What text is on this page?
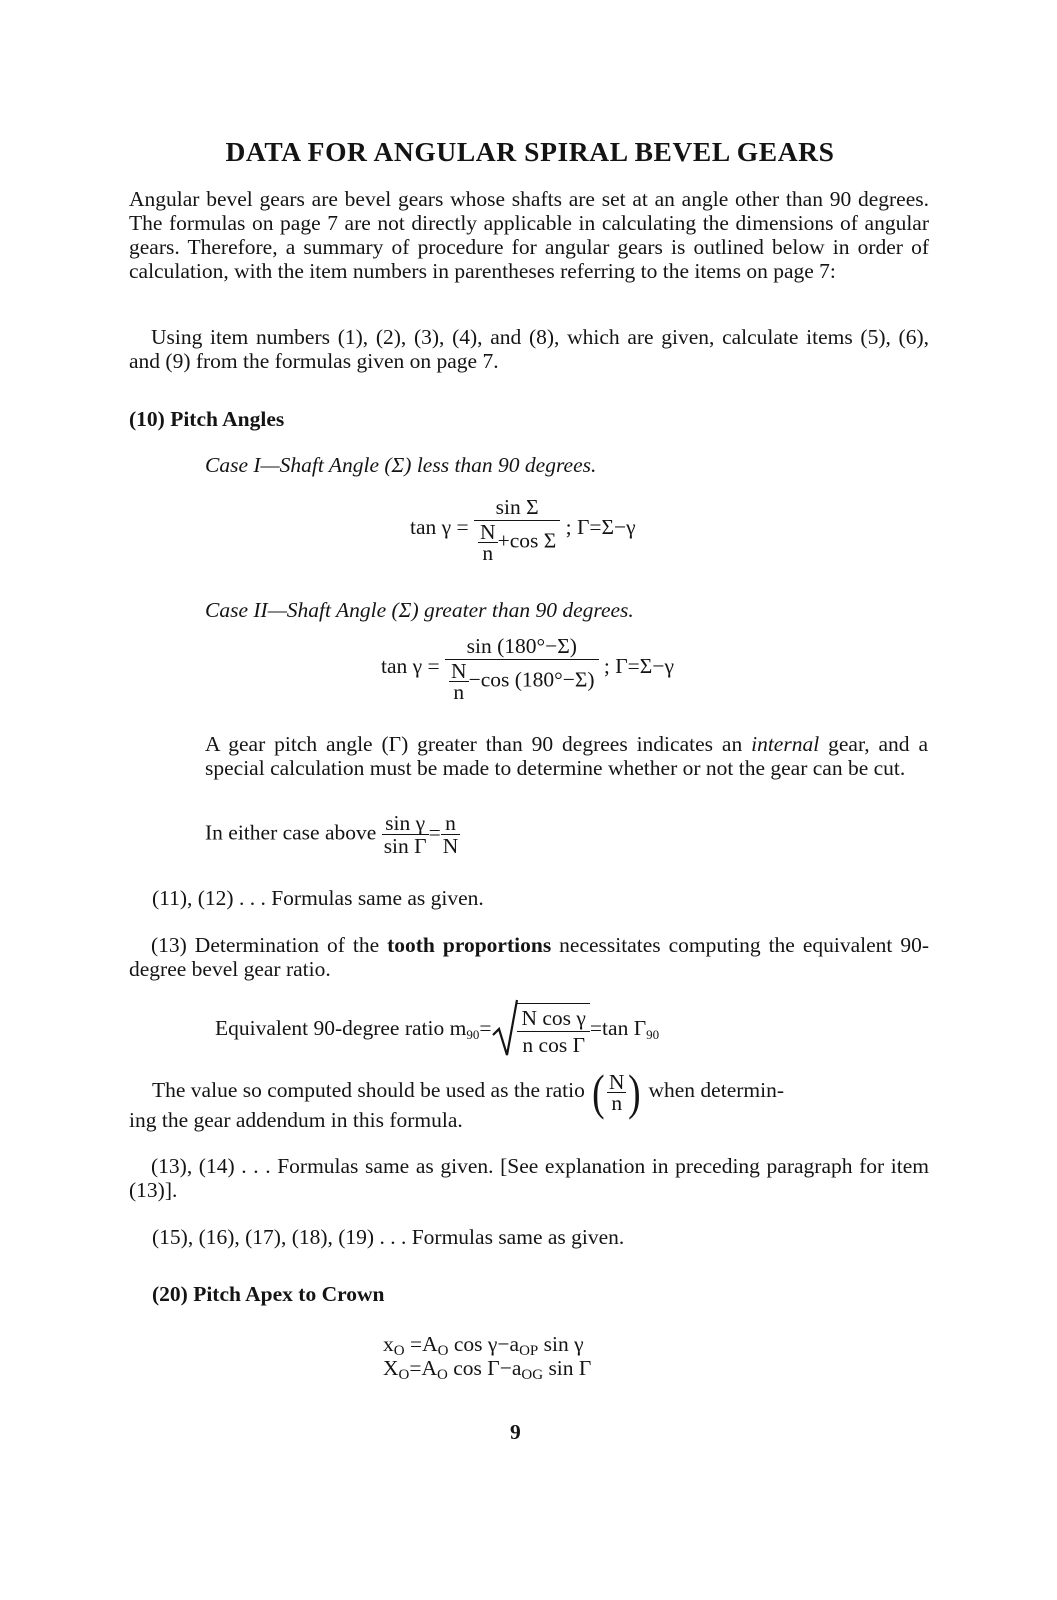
DATA FOR ANGULAR SPIRAL BEVEL GEARS
Angular bevel gears are bevel gears whose shafts are set at an angle other than 90 degrees. The formulas on page 7 are not directly applicable in calculating the dimensions of angular gears. Therefore, a summary of procedure for angular gears is outlined below in order of calculation, with the item numbers in parentheses referring to the items on page 7:
Using item numbers (1), (2), (3), (4), and (8), which are given, calculate items (5), (6), and (9) from the formulas given on page 7.
(10) Pitch Angles
Case I—Shaft Angle (Σ) less than 90 degrees.
$\tan \gamma = \frac{\text{sin Σ}}{\frac{N}{n} +\cos \Sigma}$ ; Γ=Σ−γ
Case II—Shaft Angle (Σ) greater than 90 degrees.
$\tan \gamma = \frac{\sin (180^\circ-\Sigma)}{\frac{N}{n} -\cos (180^\circ-\Sigma)}$ ; Γ=Σ−γ
A gear pitch angle (Γ) greater than 90 degrees indicates an internal gear, and a special calculation must be made to determine whether or not the gear can be cut.
In either case above $\frac{\text{sin γ}}{\text{sin Γ}} = \frac{n}{N}$
(11), (12) . . . Formulas same as given.
(13) Determination of the tooth proportions necessitates computing the equivalent 90-degree bevel gear ratio.
Equivalent 90-degree ratio $m_{90}= \frac{\text{N cos γ}}{\text{n cos Γ}} =\tan$ $\Gamma_{90}$
The value so computed should be used as the ratio ( $\frac{N}{n}$ ) when determin-
ing the gear addendum in this formula.
(13), (14) . . . Formulas same as given. [See explanation in preceding paragraph for item (13)].
(15), (16), (17), (18), (19) . . . Formulas same as given.
(20) Pitch Apex to Crown
$x_O =A_O$ $\cos \gamma-a_{OP}$ sin γ
$X_O=A_O$ $\cos \Gamma-a_{OG}$ sin Γ
9
